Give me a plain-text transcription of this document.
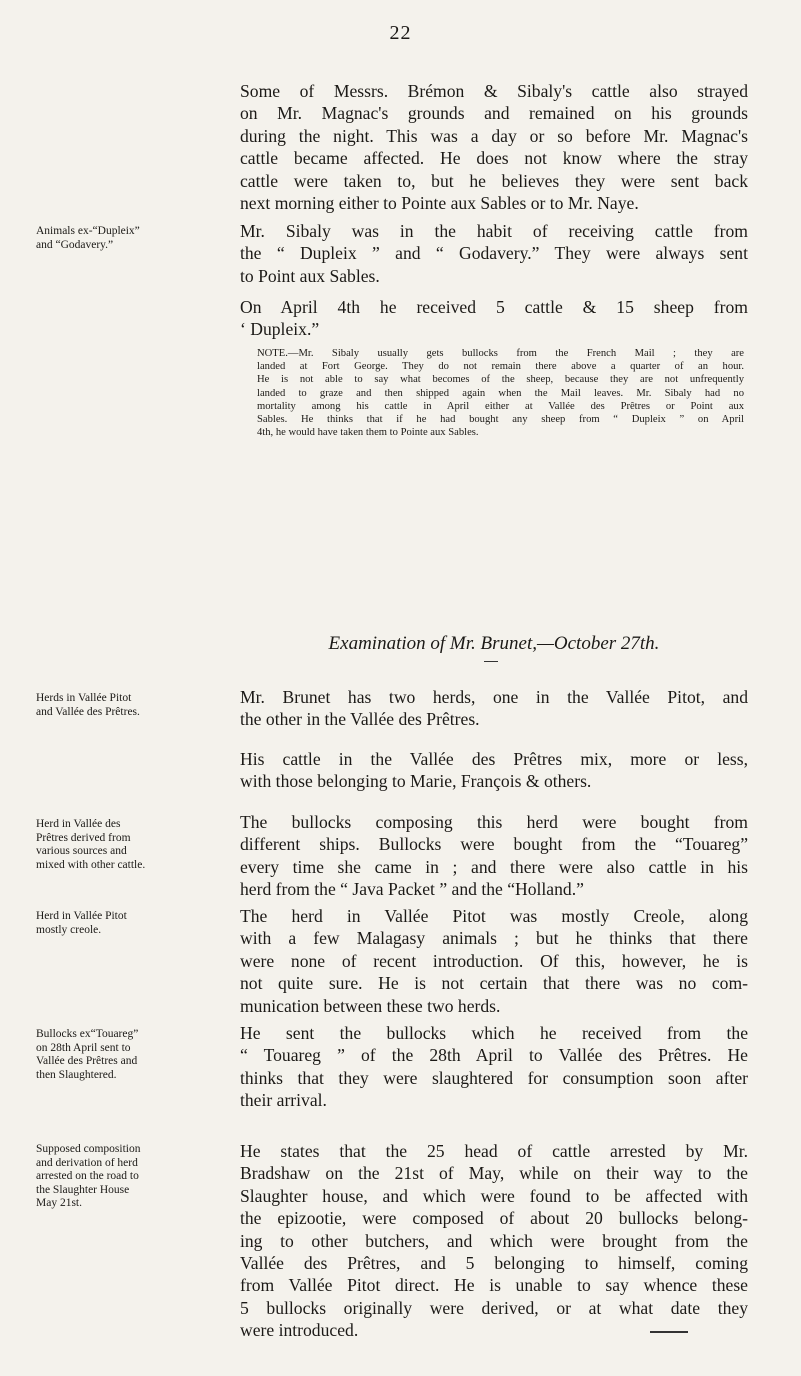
22
Some of Messrs. Brémon & Sibaly's cattle also strayed
on Mr. Magnac's grounds and remained on his grounds
during the night. This was a day or so before Mr. Magnac's
cattle became affected. He does not know where the stray
cattle were taken to, but he believes they were sent back
next morning either to Pointe aux Sables or to Mr. Naye.
Animals ex-“Dupleix”
and “Godavery.”
Mr. Sibaly was in the habit of receiving cattle from
the “ Dupleix ” and “ Godavery.” They were always sent
to Point aux Sables.
On April 4th he received 5 cattle & 15 sheep from
‘ Dupleix.”
NOTE.—Mr. Sibaly usually gets bullocks from the French Mail ; they are
landed at Fort George. They do not remain there above a quarter of an hour.
He is not able to say what becomes of the sheep, because they are not unfrequently
landed to graze and then shipped again when the Mail leaves. Mr. Sibaly had no
mortality among his cattle in April either at Vallée des Prêtres or Point aux
Sables. He thinks that if he had bought any sheep from “ Dupleix ” on April
4th, he would have taken them to Pointe aux Sables.
Examination of Mr. Brunet,—October 27th.
Herds in Vallée Pitot
and Vallée des Prêtres.
Mr. Brunet has two herds, one in the Vallée Pitot, and
the other in the Vallée des Prêtres.
His cattle in the Vallée des Prêtres mix, more or less,
with those belonging to Marie, François & others.
Herd in Vallée des
Prêtres derived from
various sources and
mixed with other cattle.
The bullocks composing this herd were bought from
different ships. Bullocks were bought from the “Touareg”
every time she came in ; and there were also cattle in his
herd from the “ Java Packet ” and the “Holland.”
Herd in Vallée Pitot
mostly creole.
The herd in Vallée Pitot was mostly Creole, along
with a few Malagasy animals ; but he thinks that there
were none of recent introduction. Of this, however, he is
not quite sure. He is not certain that there was no com-
munication between these two herds.
Bullocks ex“Touareg”
on 28th April sent to
Vallée des Prêtres and
then Slaughtered.
He sent the bullocks which he received from the
“ Touareg ” of the 28th April to Vallée des Prêtres. He
thinks that they were slaughtered for consumption soon after
their arrival.
Supposed composition
and derivation of herd
arrested on the road to
the Slaughter House
May 21st.
He states that the 25 head of cattle arrested by Mr.
Bradshaw on the 21st of May, while on their way to the
Slaughter house, and which were found to be affected with
the epizootie, were composed of about 20 bullocks belong-
ing to other butchers, and which were brought from the
Vallée des Prêtres, and 5 belonging to himself, coming
from Vallée Pitot direct. He is unable to say whence these
5 bullocks originally were derived, or at what date they
were introduced.
